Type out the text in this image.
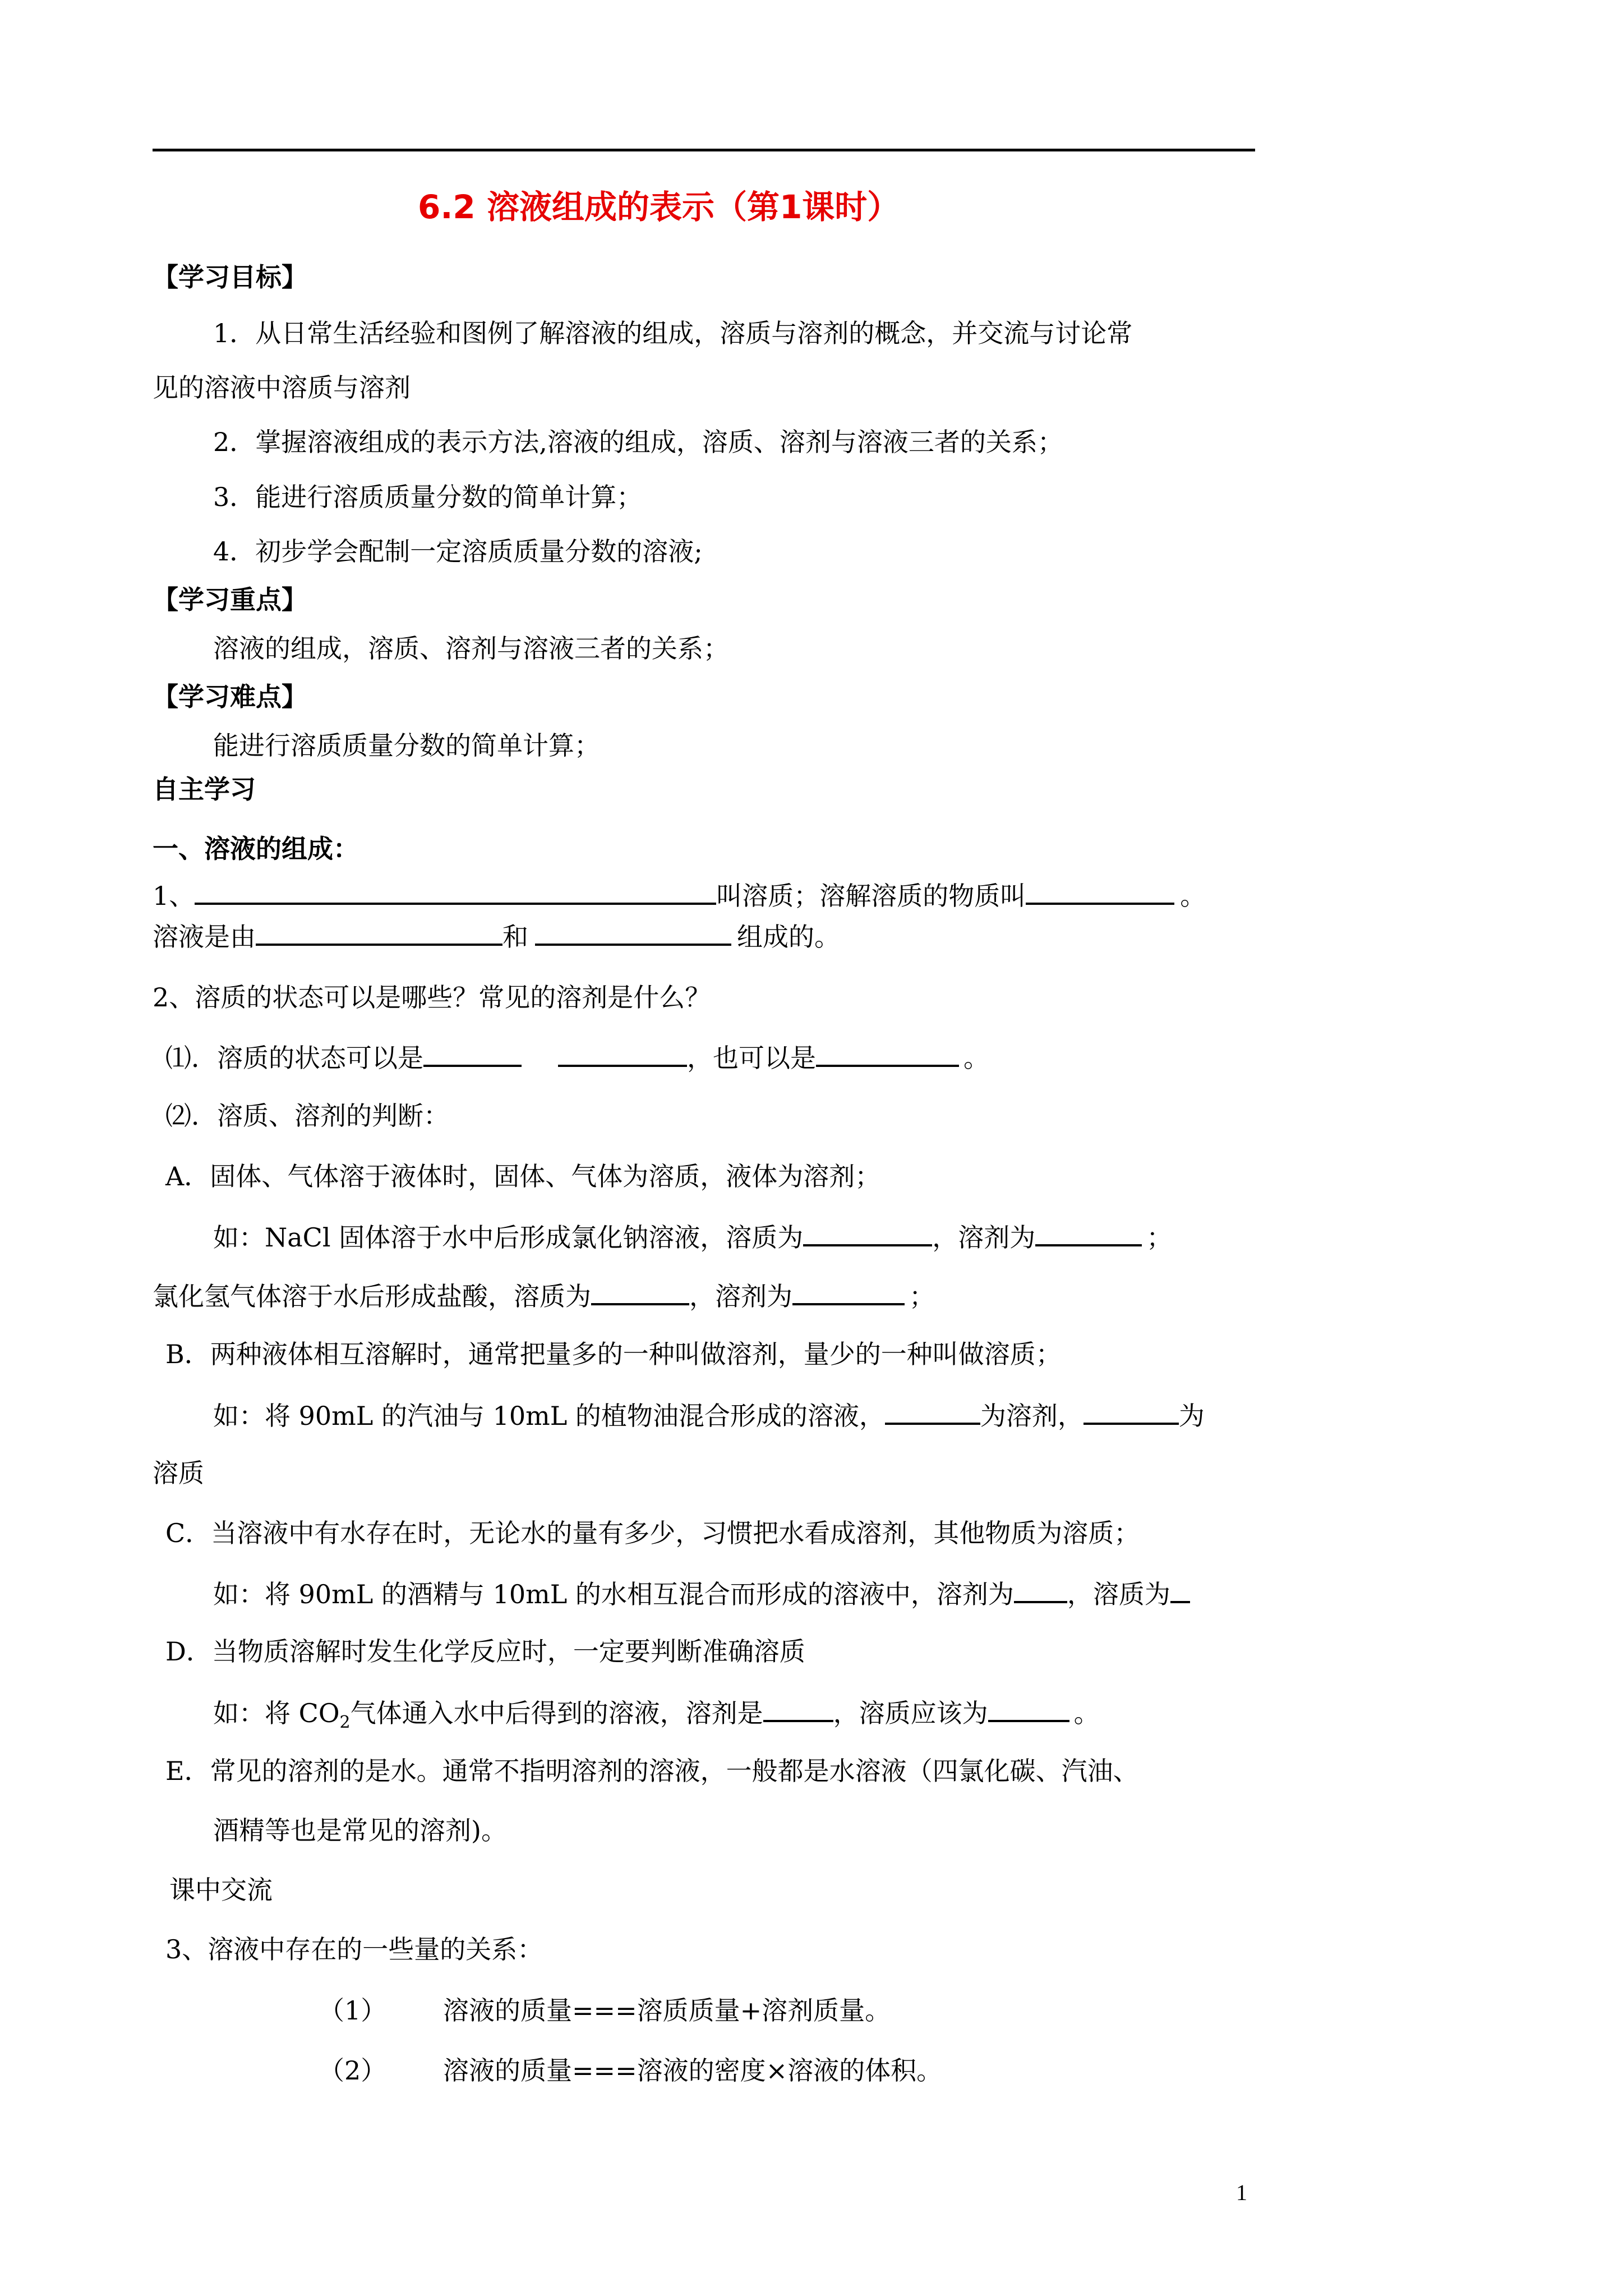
6.2 溶液组成的表示（第1课时）
【学习目标】
1．从日常生活经验和图例了解溶液的组成，溶质与溶剂的概念，并交流与讨论常
见的溶液中溶质与溶剂
2．掌握溶液组成的表示方法,溶液的组成，溶质、溶剂与溶液三者的关系；
3．能进行溶质质量分数的简单计算；
4．初步学会配制一定溶质质量分数的溶液;
【学习重点】
溶液的组成，溶质、溶剂与溶液三者的关系；
【学习难点】
能进行溶质质量分数的简单计算；
自主学习
一、溶液的组成：
1、	叫溶质；溶解溶质的物质叫	。
溶液是由	和	组成的。
2、溶质的状态可以是哪些？常见的溶剂是什么？
⑴．溶质的状态可以是	，也可以是	。
⑵．溶质、溶剂的判断：
A．固体、气体溶于液体时，固体、气体为溶质，液体为溶剂；
如：NaCl 固体溶于水中后形成氯化钠溶液，溶质为	，溶剂为	；
氯化氢气体溶于水后形成盐酸，溶质为	，溶剂为	；
B．两种液体相互溶解时，通常把量多的一种叫做溶剂，量少的一种叫做溶质；
如：将 90mL 的汽油与 10mL 的植物油混合形成的溶液，	为溶剂，	为
溶质
C．当溶液中有水存在时，无论水的量有多少，习惯把水看成溶剂，其他物质为溶质；
如：将 90mL 的酒精与 10mL 的水相互混合而形成的溶液中，溶剂为 ，溶质为
D．当物质溶解时发生化学反应时，一定要判断准确溶质
如：将 $CO_2$气体通入水中后得到的溶液，溶剂是	，溶质应该为	。
E．常见的溶剂的是水。通常不指明溶剂的溶液，一般都是水溶液（四氯化碳、汽油、
酒精等也是常见的溶剂)。
课中交流
3、溶液中存在的一些量的关系：
（1） 溶液的质量===溶质质量+溶剂质量。
（2） 溶液的质量===溶液的密度×溶液的体积。
1
